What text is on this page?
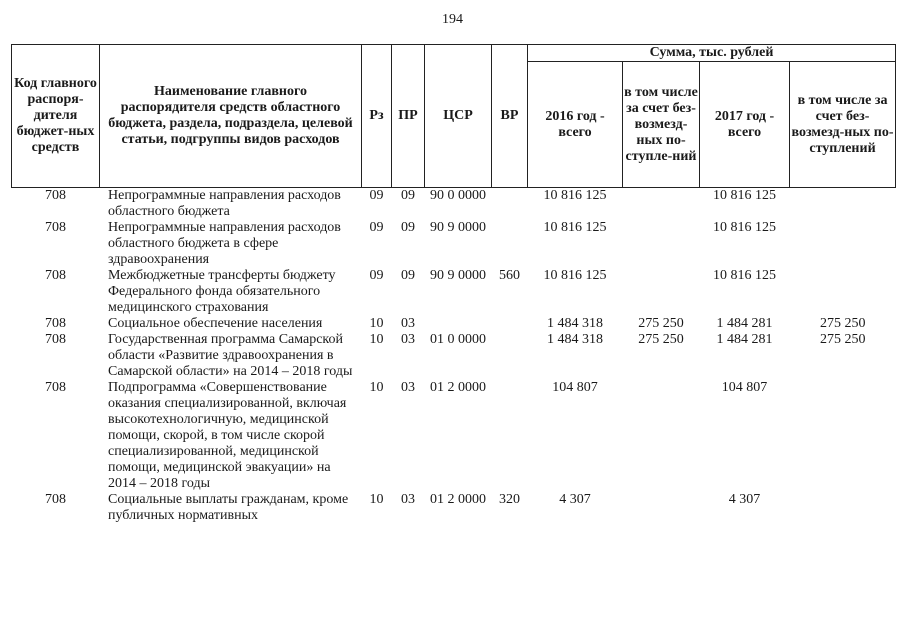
194
Код главного распоря-дителя бюджет-ных средств	Наименование главного распорядителя средств областного бюджета, раздела, подраздела, целевой статьи, подгруппы видов расходов	Рз	ПР	ЦСР	ВР	Сумма, тыс. рублей			
						2016 год - всего	в том числе за счет без-возмезд-ных по-ступле-ний	2017 год - всего	в том числе за счет без-возмезд-ных по-ступлений
708	Непрограммные направления расходов областного бюджета	09	09	90 0 0000		10 816 125		10 816 125	
708	Непрограммные направления расходов областного бюджета в сфере здравоохранения	09	09	90 9 0000		10 816 125		10 816 125	
708	Межбюджетные трансферты бюджету Федерального фонда обязательного медицинского страхования	09	09	90 9 0000	560	10 816 125		10 816 125	
708	Социальное обеспечение населения	10	03			1 484 318	275 250	1 484 281	275 250
708	Государственная программа Самарской области «Развитие здравоохранения в Самарской области» на 2014 – 2018 годы	10	03	01 0 0000		1 484 318	275 250	1 484 281	275 250
708	Подпрограмма «Совершенствование оказания специализированной, включая высокотехнологичную, медицинской помощи, скорой, в том числе скорой специализированной, медицинской помощи, медицинской эвакуации» на 2014 – 2018 годы	10	03	01 2 0000		104 807		104 807	
708	Социальные выплаты гражданам, кроме публичных нормативных	10	03	01 2 0000	320	4 307		4 307	
